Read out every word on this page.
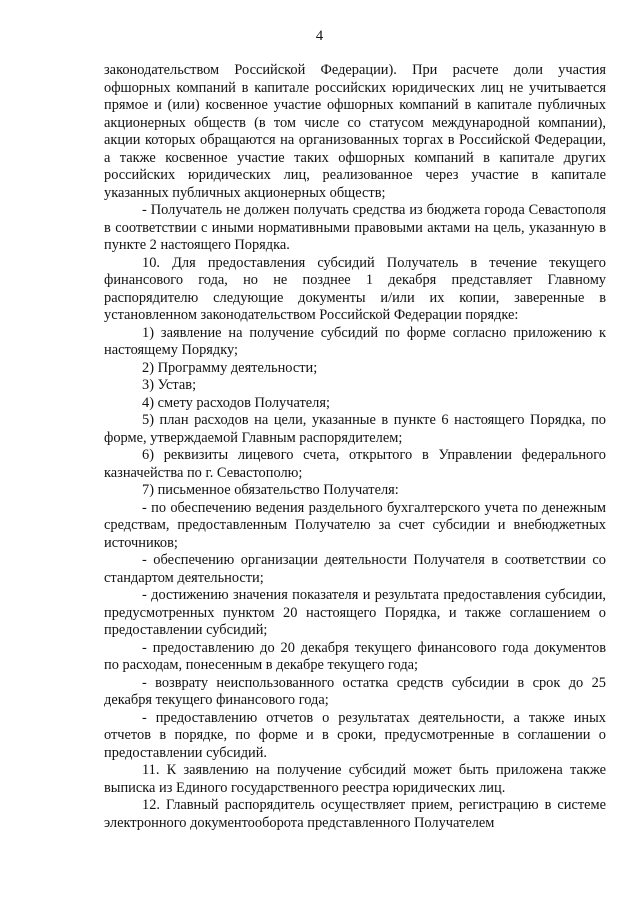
4

законодательством Российской Федерации). При расчете доли участия офшорных компаний в капитале российских юридических лиц не учитывается прямое и (или) косвенное участие офшорных компаний в капитале публичных акционерных обществ (в том числе со статусом международной компании), акции которых обращаются на организованных торгах в Российской Федерации, а также косвенное участие таких офшорных компаний в капитале других российских юридических лиц, реализованное через участие в капитале указанных публичных акционерных обществ;

- Получатель не должен получать средства из бюджета города Севастополя в соответствии с иными нормативными правовыми актами на цель, указанную в пункте 2 настоящего Порядка.

10. Для предоставления субсидий Получатель в течение текущего финансового года, но не позднее 1 декабря представляет Главному распорядителю следующие документы и/или их копии, заверенные в установленном законодательством Российской Федерации порядке:

1) заявление на получение субсидий по форме согласно приложению к настоящему Порядку;

2) Программу деятельности;

3) Устав;

4) смету расходов Получателя;

5) план расходов на цели, указанные в пункте 6 настоящего Порядка, по форме, утверждаемой Главным распорядителем;

6) реквизиты лицевого счета, открытого в Управлении федерального казначейства по г. Севастополю;

7) письменное обязательство Получателя:

- по обеспечению ведения раздельного бухгалтерского учета по денежным средствам, предоставленным Получателю за счет субсидии и внебюджетных источников;

- обеспечению организации деятельности Получателя в соответствии со стандартом деятельности;

- достижению значения показателя и результата предоставления субсидии, предусмотренных пунктом 20 настоящего Порядка, и также соглашением о предоставлении субсидий;

- предоставлению до 20 декабря текущего финансового года документов по расходам, понесенным в декабре текущего года;

- возврату неиспользованного остатка средств субсидии в срок до 25 декабря текущего финансового года;

- предоставлению отчетов о результатах деятельности, а также иных отчетов в порядке, по форме и в сроки, предусмотренные в соглашении о предоставлении субсидий.

11. К заявлению на получение субсидий может быть приложена также выписка из Единого государственного реестра юридических лиц.

12. Главный распорядитель осуществляет прием, регистрацию в системе электронного документооборота представленного Получателем
